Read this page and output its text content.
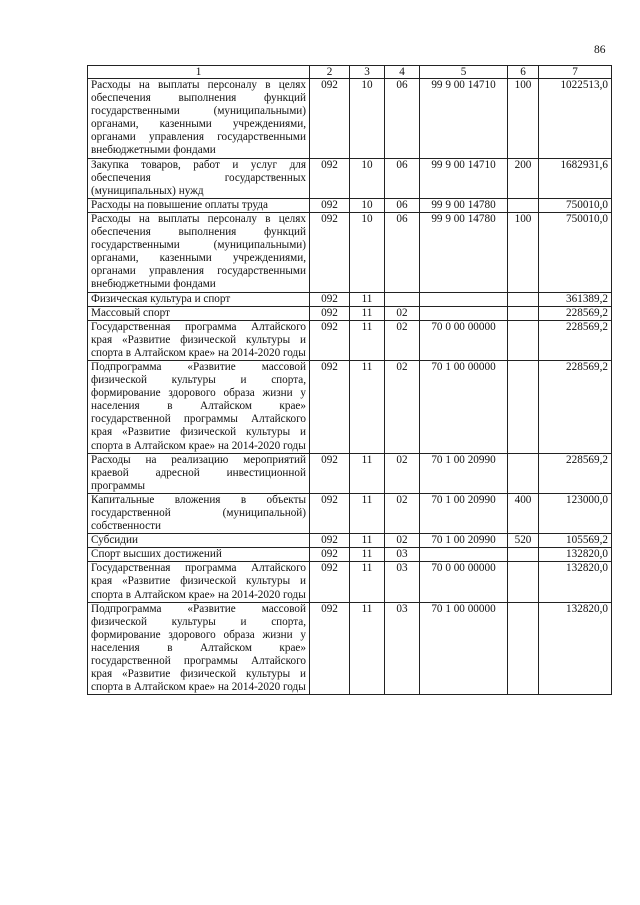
86
1	2	3	4	5	6	7
Расходы на выплаты персоналу в целях обеспечения выполнения функций государственными (муниципальными) органами, казенными учреждениями, органами управления государственными внебюджетными фондами	092	10	06	99 9 00 14710	100	1022513,0
Закупка товаров, работ и услуг для обеспечения государственных (муниципальных) нужд	092	10	06	99 9 00 14710	200	1682931,6
Расходы на повышение оплаты труда	092	10	06	99 9 00 14780		750010,0
Расходы на выплаты персоналу в целях обеспечения выполнения функций государственными (муниципальными) органами, казенными учреждениями, органами управления государственными внебюджетными фондами	092	10	06	99 9 00 14780	100	750010,0
Физическая культура и спорт	092	11				361389,2
Массовый спорт	092	11	02			228569,2
Государственная программа Алтайского края «Развитие физической культуры и спорта в Алтайском крае» на 2014-2020 годы	092	11	02	70 0 00 00000		228569,2
Подпрограмма «Развитие массовой физической культуры и спорта, формирование здорового образа жизни у населения в Алтайском крае» государственной программы Алтайского края «Развитие физической культуры и спорта в Алтайском крае» на 2014-2020 годы	092	11	02	70 1 00 00000		228569,2
Расходы на реализацию мероприятий краевой адресной инвестиционной программы	092	11	02	70 1 00 20990		228569,2
Капитальные вложения в объекты государственной (муниципальной) собственности	092	11	02	70 1 00 20990	400	123000,0
Субсидии	092	11	02	70 1 00 20990	520	105569,2
Спорт высших достижений	092	11	03			132820,0
Государственная программа Алтайского края «Развитие физической культуры и спорта в Алтайском крае» на 2014-2020 годы	092	11	03	70 0 00 00000		132820,0
Подпрограмма «Развитие массовой физической культуры и спорта, формирование здорового образа жизни у населения в Алтайском крае» государственной программы Алтайского края «Развитие физической культуры и спорта в Алтайском крае» на 2014-2020 годы	092	11	03	70 1 00 00000		132820,0
